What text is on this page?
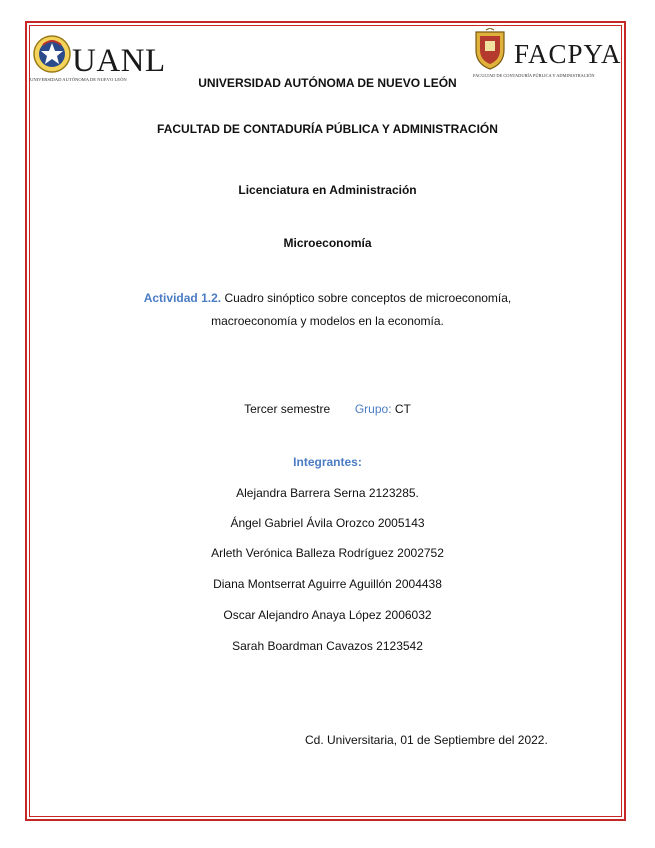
UANL
UNIVERSIDAD AUTÓNOMA DE NUEVO LEÓN
FACPYA
FACULTAD DE CONTADURÍA PÚBLICA Y ADMINISTRACIÓN
UNIVERSIDAD AUTÓNOMA DE NUEVO LEÓN
FACULTAD DE CONTADURÍA PÚBLICA Y ADMINISTRACIÓN
Licenciatura en Administración
Microeconomía
Actividad 1.2. Cuadro sinóptico sobre conceptos de microeconomía,
macroeconomía y modelos en la economía.
Tercer semestre Grupo: CT
Integrantes:
Alejandra Barrera Serna 2123285.
Ángel Gabriel Ávila Orozco 2005143
Arleth Verónica Balleza Rodríguez 2002752
Diana Montserrat Aguirre Aguillón 2004438
Oscar Alejandro Anaya López 2006032
Sarah Boardman Cavazos 2123542
Cd. Universitaria, 01 de Septiembre del 2022.
